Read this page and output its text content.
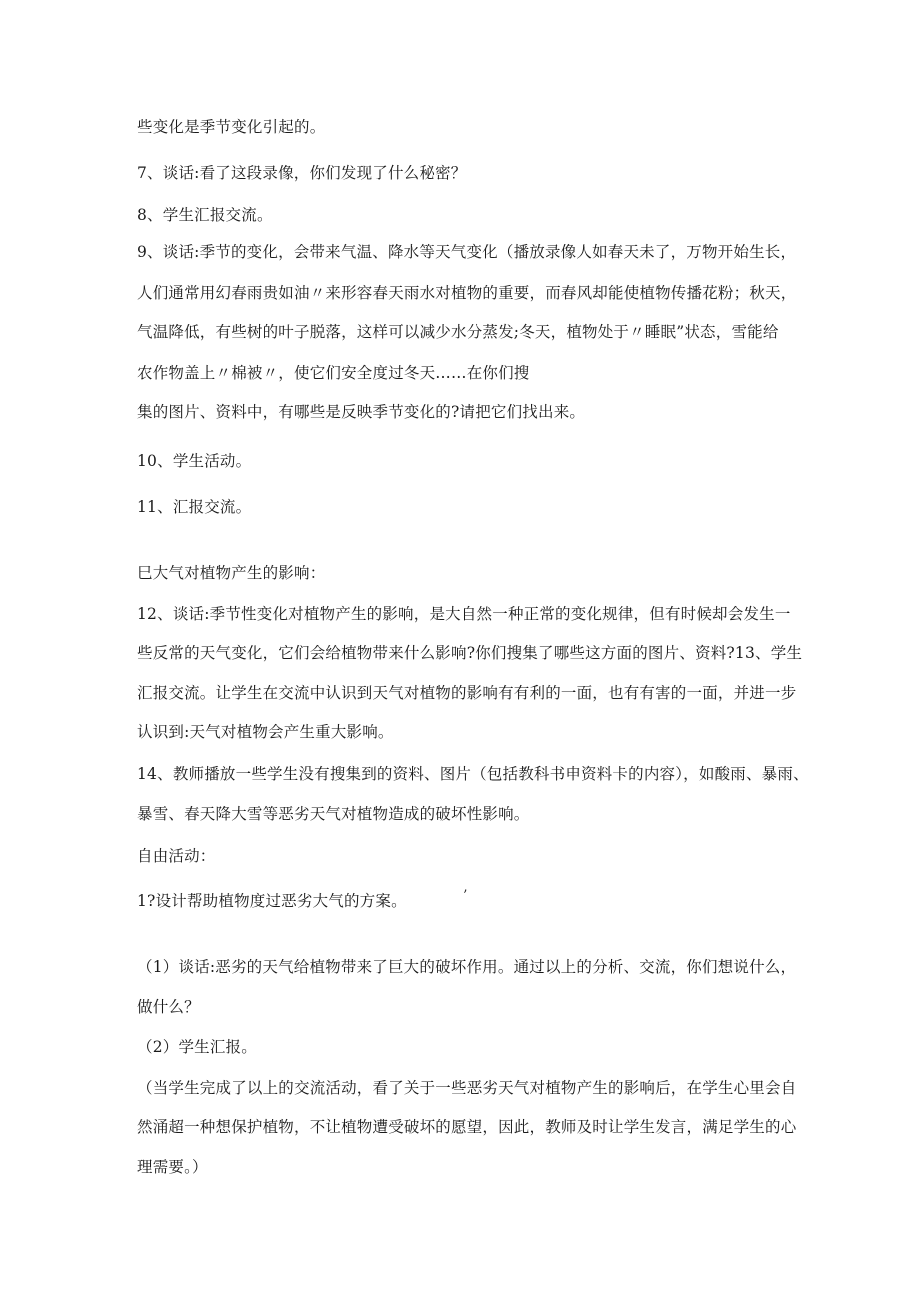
些变化是季节变化引起的。
7、谈话:看了这段录像，你们发现了什么秘密？
8、学生汇报交流。
9、谈话:季节的变化，会带来气温、降水等天气变化（播放录像人如春天未了，万物开始生长，
人们通常用幻春雨贵如油〃来形容春天雨水对植物的重要，而春风却能使植物传播花粉；秋天，
气温降低，有些树的叶子脱落，这样可以减少水分蒸发;冬天，植物处于〃睡眠”状态，雪能给
农作物盖上〃棉被〃，使它们安全度过冬天……在你们搜
集的图片、资料中，有哪些是反映季节变化的?请把它们找出来。
10、学生活动。
11、汇报交流。
巳大气对植物产生的影响：
12、谈话:季节性变化对植物产生的影响，是大自然一种正常的变化规律，但有时候却会发生一
些反常的天气变化，它们会给植物带来什么影响?你们搜集了哪些这方面的图片、资料?13、学生
汇报交流。让学生在交流中认识到天气对植物的影响有有利的一面，也有有害的一面，并进一步
认识到:天气对植物会产生重大影响。
14、教师播放一些学生没有搜集到的资料、图片（包括教科书申资料卡的内容），如酸雨、暴雨、
暴雪、春天降大雪等恶劣天气对植物造成的破坏性影响。
自由活动：
1?设计帮助植物度过恶劣大气的方案。	’
（1）谈话:恶劣的天气给植物带来了巨大的破坏作用。通过以上的分析、交流，你们想说什么，
做什么？
（2）学生汇报。
（当学生完成了以上的交流活动，看了关于一些恶劣天气对植物产生的影响后，在学生心里会自
然涌超一种想保护植物，不让植物遭受破坏的愿望，因此，教师及时让学生发言，满足学生的心
理需要。）
